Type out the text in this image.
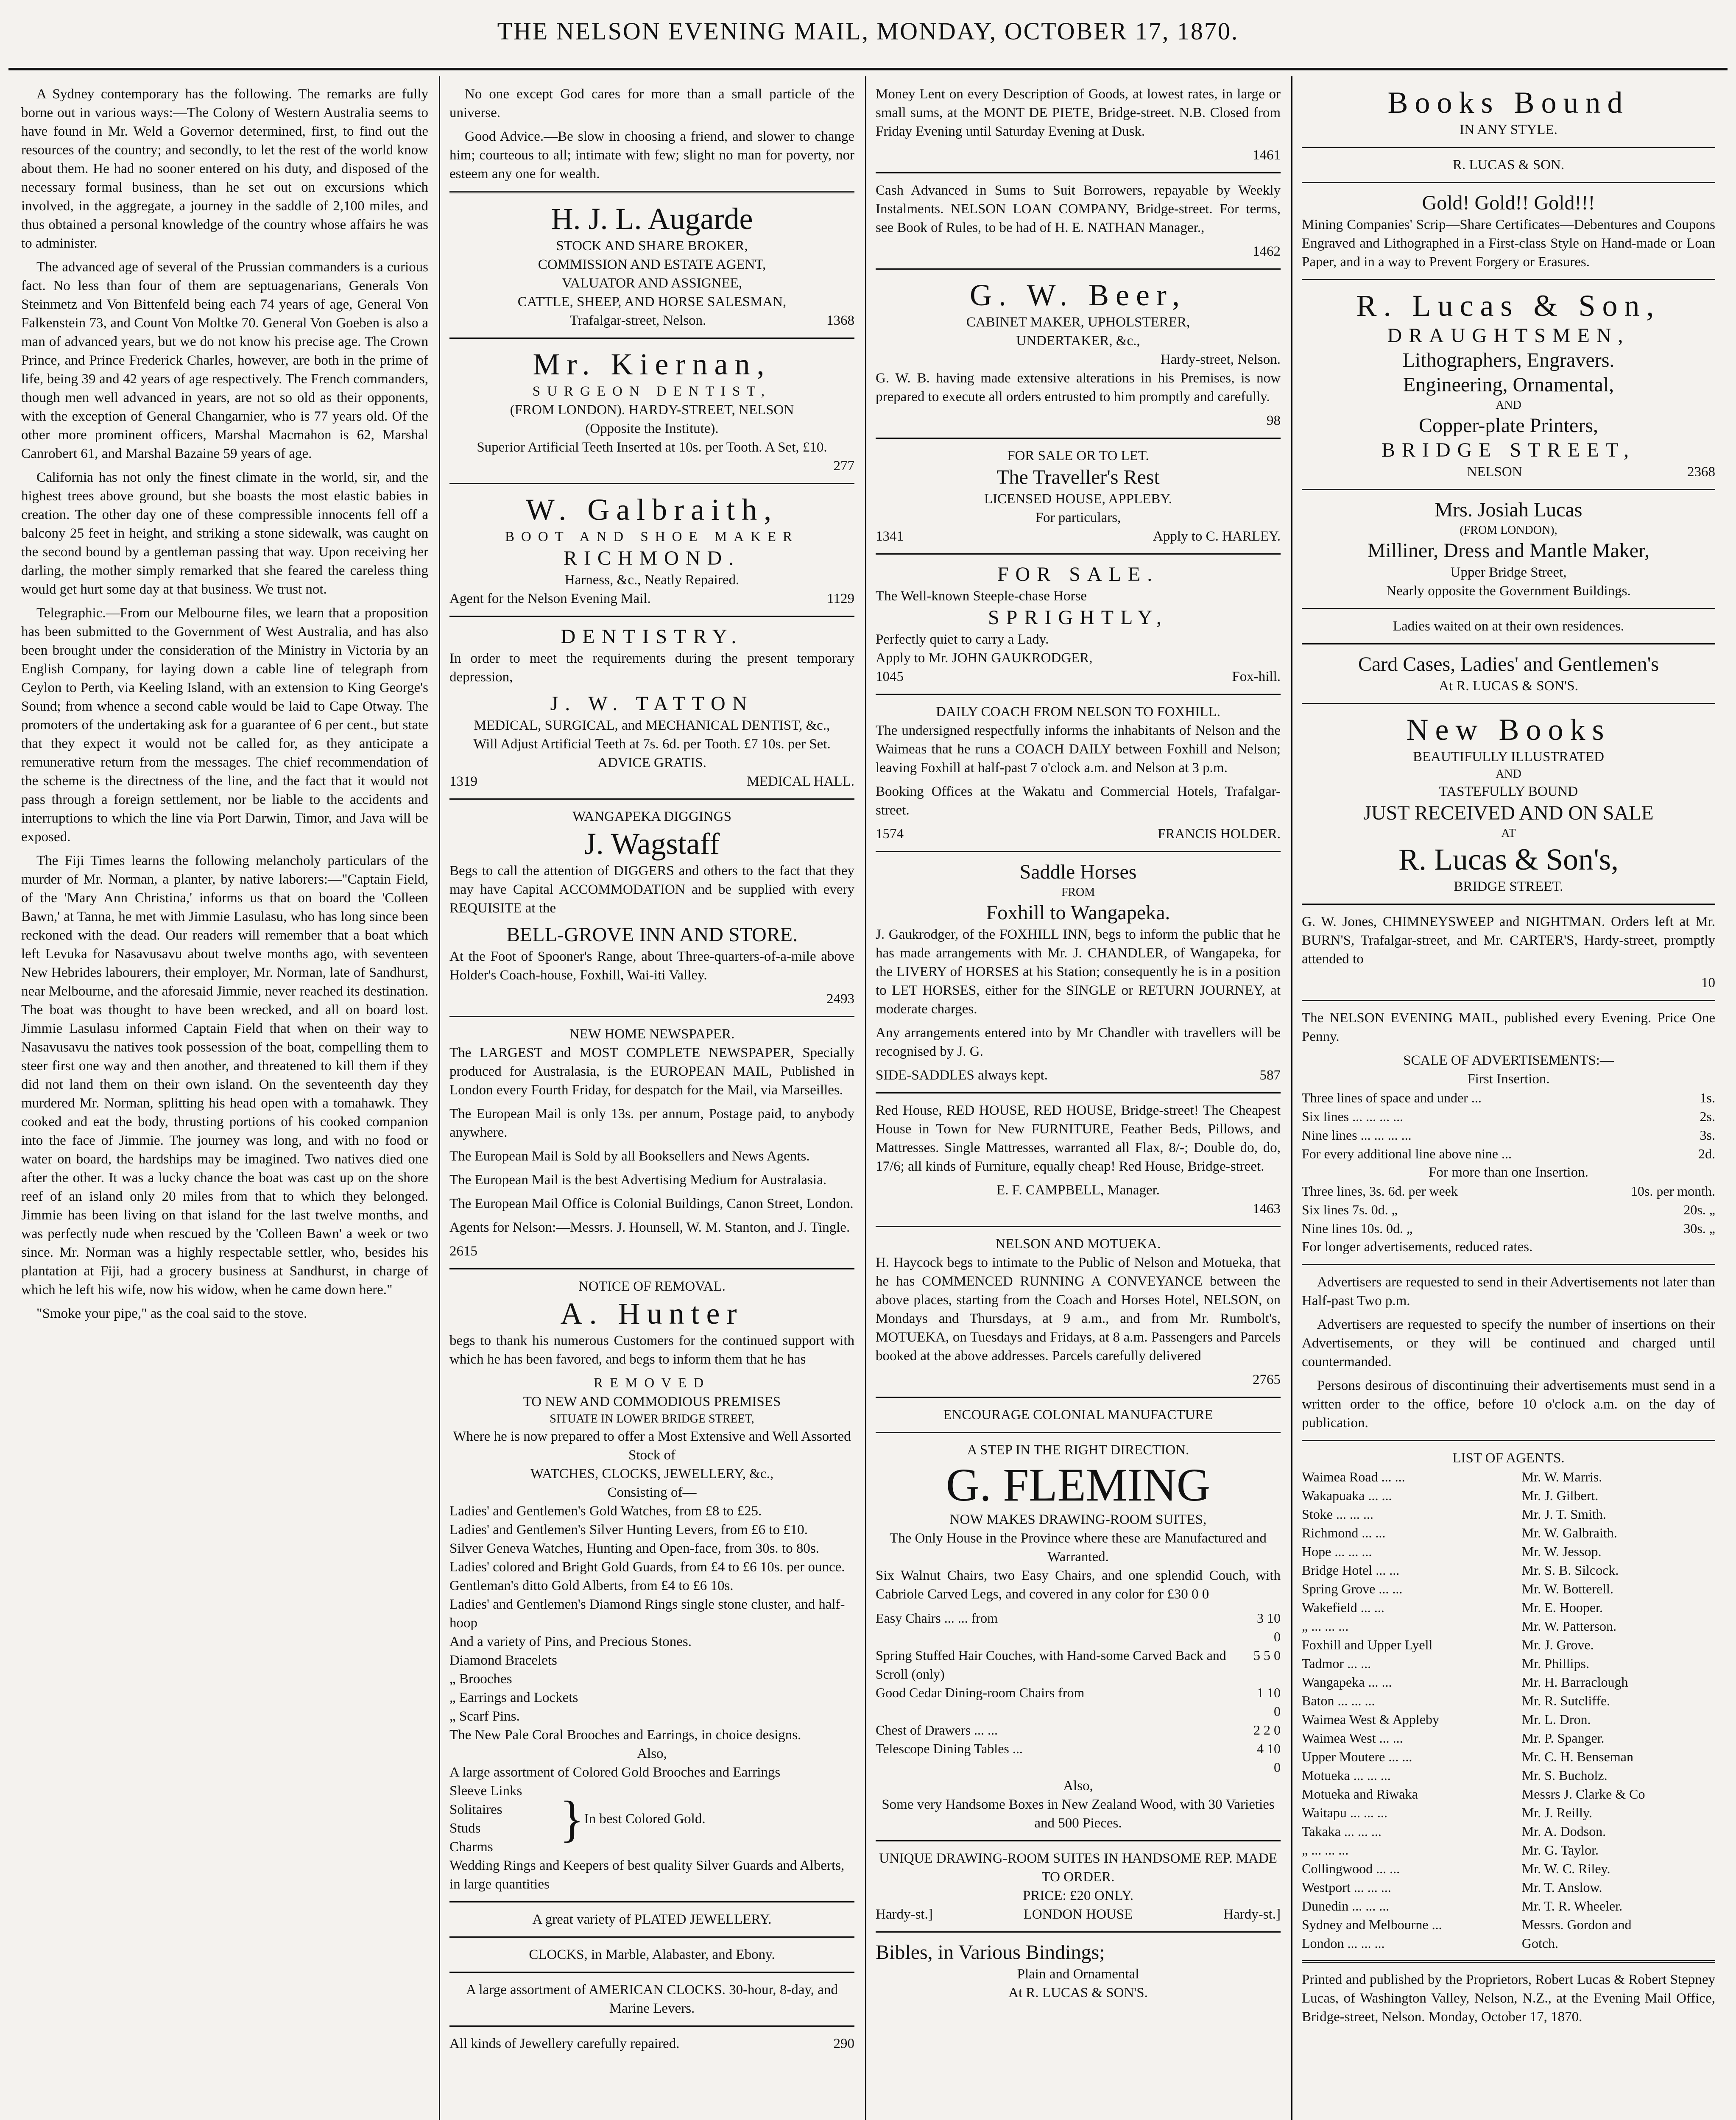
THE NELSON EVENING MAIL, MONDAY, OCTOBER 17, 1870.

A Sydney contemporary has the following. The remarks are fully borne out in various ways:—The Colony of Western Australia seems to have found in Mr. Weld a Governor determined, first, to find out the resources of the country; and secondly, to let the rest of the world know about them. He had no sooner entered on his duty, and disposed of the necessary formal business, than he set out on excursions which involved, in the aggregate, a journey in the saddle of 2,100 miles, and thus obtained a personal knowledge of the country whose affairs he was to administer.

The advanced age of several of the Prussian commanders is a curious fact. No less than four of them are septuagenarians, Generals Von Steinmetz and Von Bittenfeld being each 74 years of age, General Von Falkenstein 73, and Count Von Moltke 70. General Von Goeben is also a man of advanced years, but we do not know his precise age. The Crown Prince, and Prince Frederick Charles, however, are both in the prime of life, being 39 and 42 years of age respectively. The French commanders, though men well advanced in years, are not so old as their opponents, with the exception of General Changarnier, who is 77 years old. Of the other more prominent officers, Marshal Macmahon is 62, Marshal Canrobert 61, and Marshal Bazaine 59 years of age.

California has not only the finest climate in the world, sir, and the highest trees above ground, but she boasts the most elastic babies in creation. The other day one of these compressible innocents fell off a balcony 25 feet in height, and striking a stone sidewalk, was caught on the second bound by a gentleman passing that way. Upon receiving her darling, the mother simply remarked that she feared the careless thing would get hurt some day at that business. We trust not.

Telegraphic.—From our Melbourne files, we learn that a proposition has been submitted to the Government of West Australia, and has also been brought under the consideration of the Ministry in Victoria by an English Company, for laying down a cable line of telegraph from Ceylon to Perth, via Keeling Island, with an extension to King George's Sound; from whence a second cable would be laid to Cape Otway. The promoters of the undertaking ask for a guarantee of 6 per cent., but state that they expect it would not be called for, as they anticipate a remunerative return from the messages. The chief recommendation of the scheme is the directness of the line, and the fact that it would not pass through a foreign settlement, nor be liable to the accidents and interruptions to which the line via Port Darwin, Timor, and Java will be exposed.

The Fiji Times learns the following melancholy particulars of the murder of Mr. Norman, a planter, by native laborers:—"Captain Field, of the 'Mary Ann Christina,' informs us that on board the 'Colleen Bawn,' at Tanna, he met with Jimmie Lasulasu, who has long since been reckoned with the dead. Our readers will remember that a boat which left Levuka for Nasavusavu about twelve months ago, with seventeen New Hebrides labourers, their employer, Mr. Norman, late of Sandhurst, near Melbourne, and the aforesaid Jimmie, never reached its destination. The boat was thought to have been wrecked, and all on board lost. Jimmie Lasulasu informed Captain Field that when on their way to Nasavusavu the natives took possession of the boat, compelling them to steer first one way and then another, and threatened to kill them if they did not land them on their own island. On the seventeenth day they murdered Mr. Norman, splitting his head open with a tomahawk. They cooked and eat the body, thrusting portions of his cooked companion into the face of Jimmie. The journey was long, and with no food or water on board, the hardships may be imagined. Two natives died one after the other. It was a lucky chance the boat was cast up on the shore reef of an island only 20 miles from that to which they belonged. Jimmie has been living on that island for the last twelve months, and was perfectly nude when rescued by the 'Colleen Bawn' a week or two since. Mr. Norman was a highly respectable settler, who, besides his plantation at Fiji, had a grocery business at Sandhurst, in charge of which he left his wife, now his widow, when he came down here."

"Smoke your pipe," as the coal said to the stove.

No one except God cares for more than a small particle of the universe.

Good Advice.—Be slow in choosing a friend, and slower to change him; courteous to all; intimate with few; slight no man for poverty, nor esteem any one for wealth.

H. J. L. Augarde
STOCK AND SHARE BROKER,
COMMISSION AND ESTATE AGENT,
VALUATOR AND ASSIGNEE,
CATTLE, SHEEP, AND HORSE SALESMAN,
Trafalgar-street, Nelson.	1368
Mr. Kiernan,
SURGEON DENTIST,
(FROM LONDON). HARDY-STREET, NELSON
(Opposite the Institute).
Superior Artificial Teeth Inserted at 10s. per Tooth. A Set, £10.
277
W. Galbraith,
BOOT AND SHOE MAKER
RICHMOND.
Harness, &c., Neatly Repaired.
Agent for the Nelson Evening Mail.	1129
DENTISTRY.

In order to meet the requirements during the present temporary depression,

J. W. TATTON
MEDICAL, SURGICAL, and MECHANICAL DENTIST, &c.,
Will Adjust Artificial Teeth at 7s. 6d. per Tooth. £7 10s. per Set.
ADVICE GRATIS.
1319	MEDICAL HALL.
WANGAPEKA DIGGINGS
J. Wagstaff

Begs to call the attention of DIGGERS and others to the fact that they may have Capital ACCOMMODATION and be supplied with every REQUISITE at the

BELL-GROVE INN AND STORE.

At the Foot of Spooner's Range, about Three-quarters-of-a-mile above Holder's Coach-house, Foxhill, Wai-iti Valley.

2493
NEW HOME NEWSPAPER.

The LARGEST and MOST COMPLETE NEWSPAPER, Specially produced for Australasia, is the EUROPEAN MAIL, Published in London every Fourth Friday, for despatch for the Mail, via Marseilles.

The European Mail is only 13s. per annum, Postage paid, to anybody anywhere.

The European Mail is Sold by all Booksellers and News Agents.

The European Mail is the best Advertising Medium for Australasia.

The European Mail Office is Colonial Buildings, Canon Street, London.

Agents for Nelson:—Messrs. J. Hounsell, W. M. Stanton, and J. Tingle.

2615
NOTICE OF REMOVAL.
A. Hunter

begs to thank his numerous Customers for the continued support with which he has been favored, and begs to inform them that he has

REMOVED
TO NEW AND COMMODIOUS PREMISES
SITUATE IN LOWER BRIDGE STREET,
Where he is now prepared to offer a Most Extensive and Well Assorted Stock of
WATCHES, CLOCKS, JEWELLERY, &c.,
Consisting of—
Ladies' and Gentlemen's Gold Watches, from £8 to £25.
Ladies' and Gentlemen's Silver Hunting Levers, from £6 to £10.
Silver Geneva Watches, Hunting and Open-face, from 30s. to 80s.
Ladies' colored and Bright Gold Guards, from £4 to £6 10s. per ounce.
Gentleman's ditto Gold Alberts, from £4 to £6 10s.
Ladies' and Gentlemen's Diamond Rings single stone cluster, and half-hoop
And a variety of Pins, and Precious Stones.
Diamond Bracelets
„ Brooches
„ Earrings and Lockets
„ Scarf Pins.
The New Pale Coral Brooches and Earrings, in choice designs.
Also,
A large assortment of Colored Gold Brooches and Earrings
Sleeve Links
Solitaires
Studs
Charms	} In best Colored Gold.
Wedding Rings and Keepers of best quality Silver Guards and Alberts, in large quantities
A great variety of PLATED JEWELLERY.
CLOCKS, in Marble, Alabaster, and Ebony.
A large assortment of AMERICAN CLOCKS. 30-hour, 8-day, and Marine Levers.
All kinds of Jewellery carefully repaired.	290

Money Lent on every Description of Goods, at lowest rates, in large or small sums, at the MONT DE PIETE, Bridge-street. N.B. Closed from Friday Evening until Saturday Evening at Dusk.

1461

Cash Advanced in Sums to Suit Borrowers, repayable by Weekly Instalments. NELSON LOAN COMPANY, Bridge-street. For terms, see Book of Rules, to be had of H. E. NATHAN Manager.,

1462
G. W. Beer,
CABINET MAKER, UPHOLSTERER,
UNDERTAKER, &c.,
Hardy-street, Nelson.

G. W. B. having made extensive alterations in his Premises, is now prepared to execute all orders entrusted to him promptly and carefully.

98
FOR SALE OR TO LET.
The Traveller's Rest
LICENSED HOUSE, APPLEBY.
For particulars,
1341	Apply to C. HARLEY.
FOR SALE.
The Well-known Steeple-chase Horse
SPRIGHTLY,
Perfectly quiet to carry a Lady.
Apply to Mr. JOHN GAUKRODGER,
1045	Fox-hill.
DAILY COACH FROM NELSON TO FOXHILL.

The undersigned respectfully informs the inhabitants of Nelson and the Waimeas that he runs a COACH DAILY between Foxhill and Nelson; leaving Foxhill at half-past 7 o'clock a.m. and Nelson at 3 p.m.

Booking Offices at the Wakatu and Commercial Hotels, Trafalgar-street.

1574	FRANCIS HOLDER.
Saddle Horses
FROM
Foxhill to Wangapeka.

J. Gaukrodger, of the FOXHILL INN, begs to inform the public that he has made arrangements with Mr. J. CHANDLER, of Wangapeka, for the LIVERY of HORSES at his Station; consequently he is in a position to LET HORSES, either for the SINGLE or RETURN JOURNEY, at moderate charges.

Any arrangements entered into by Mr Chandler with travellers will be recognised by J. G.

SIDE-SADDLES always kept.	587

Red House, RED HOUSE, RED HOUSE, Bridge-street! The Cheapest House in Town for New FURNITURE, Feather Beds, Pillows, and Mattresses. Single Mattresses, warranted all Flax, 8/-; Double do, do, 17/6; all kinds of Furniture, equally cheap! Red House, Bridge-street.

E. F. CAMPBELL, Manager.
1463
NELSON AND MOTUEKA.

H. Haycock begs to intimate to the Public of Nelson and Motueka, that he has COMMENCED RUNNING A CONVEYANCE between the above places, starting from the Coach and Horses Hotel, NELSON, on Mondays and Thursdays, at 9 a.m., and from Mr. Rumbolt's, MOTUEKA, on Tuesdays and Fridays, at 8 a.m. Passengers and Parcels booked at the above addresses. Parcels carefully delivered

2765
ENCOURAGE COLONIAL MANUFACTURE
A STEP IN THE RIGHT DIRECTION.
G. FLEMING
NOW MAKES DRAWING-ROOM SUITES,
The Only House in the Province where these are Manufactured and Warranted.

Six Walnut Chairs, two Easy Chairs, and one splendid Couch, with Cabriole Carved Legs, and covered in any color for £30 0 0

Easy Chairs ... ... from	3 10 0
Spring Stuffed Hair Couches, with Hand-some Carved Back and Scroll (only)	5 5 0
Good Cedar Dining-room Chairs from	1 10 0
Chest of Drawers ... ...	2 2 0
Telescope Dining Tables ...	4 10 0
Also,
Some very Handsome Boxes in New Zealand Wood, with 30 Varieties and 500 Pieces.
UNIQUE DRAWING-ROOM SUITES IN HANDSOME REP. MADE TO ORDER.
PRICE: £20 ONLY.
Hardy-st.]	LONDON HOUSE	Hardy-st.]
Bibles, in Various Bindings;
Plain and Ornamental
At R. LUCAS & SON'S.
Books Bound
IN ANY STYLE.
R. LUCAS & SON.
Gold! Gold!! Gold!!!

Mining Companies' Scrip—Share Certificates—Debentures and Coupons Engraved and Lithographed in a First-class Style on Hand-made or Loan Paper, and in a way to Prevent Forgery or Erasures.

R. Lucas & Son,
DRAUGHTSMEN,
Lithographers, Engravers.
Engineering, Ornamental,
AND
Copper-plate Printers,
BRIDGE STREET,
NELSON	2368
Mrs. Josiah Lucas
(FROM LONDON),
Milliner, Dress and Mantle Maker,
Upper Bridge Street,
Nearly opposite the Government Buildings.
Ladies waited on at their own residences.
Card Cases, Ladies' and Gentlemen's
At R. LUCAS & SON'S.
New Books
BEAUTIFULLY ILLUSTRATED
AND
TASTEFULLY BOUND
JUST RECEIVED AND ON SALE
AT
R. Lucas & Son's,
BRIDGE STREET.

G. W. Jones, CHIMNEYSWEEP and NIGHTMAN. Orders left at Mr. BURN'S, Trafalgar-street, and Mr. CARTER'S, Hardy-street, promptly attended to

10

The NELSON EVENING MAIL, published every Evening. Price One Penny.

SCALE OF ADVERTISEMENTS:—
First Insertion.
Three lines of space and under ...	1s.
Six lines ... ... ... ...	2s.
Nine lines ... ... ... ...	3s.
For every additional line above nine ...	2d.
For more than one Insertion.
Three lines, 3s. 6d. per week	10s. per month.
Six lines 7s. 0d. „	20s. „
Nine lines 10s. 0d. „	30s. „
For longer advertisements, reduced rates.

Advertisers are requested to send in their Advertisements not later than Half-past Two p.m.

Advertisers are requested to specify the number of insertions on their Advertisements, or they will be continued and charged until countermanded.

Persons desirous of discontinuing their advertisements must send in a written order to the office, before 10 o'clock a.m. on the day of publication.

LIST OF AGENTS.
Waimea Road ... ...	Mr. W. Marris.
Wakapuaka ... ...	Mr. J. Gilbert.
Stoke ... ... ...	Mr. J. T. Smith.
Richmond ... ...	Mr. W. Galbraith.
Hope ... ... ...	Mr. W. Jessop.
Bridge Hotel ... ...	Mr. S. B. Silcock.
Spring Grove ... ...	Mr. W. Botterell.
Wakefield ... ...	Mr. E. Hooper.
„ ... ... ...	Mr. W. Patterson.
Foxhill and Upper Lyell	Mr. J. Grove.
Tadmor ... ...	Mr. Phillips.
Wangapeka ... ...	Mr. H. Barraclough
Baton ... ... ...	Mr. R. Sutcliffe.
Waimea West & Appleby	Mr. L. Dron.
Waimea West ... ...	Mr. P. Spanger.
Upper Moutere ... ...	Mr. C. H. Benseman
Motueka ... ... ...	Mr. S. Bucholz.
Motueka and Riwaka	Messrs J. Clarke & Co
Waitapu ... ... ...	Mr. J. Reilly.
Takaka ... ... ...	Mr. A. Dodson.
„ ... ... ...	Mr. G. Taylor.
Collingwood ... ...	Mr. W. C. Riley.
Westport ... ... ...	Mr. T. Anslow.
Dunedin ... ... ...	Mr. T. R. Wheeler.
Sydney and Melbourne ...	Messrs. Gordon and
London ... ... ...	Gotch.

Printed and published by the Proprietors, Robert Lucas & Robert Stepney Lucas, of Washington Valley, Nelson, N.Z., at the Evening Mail Office, Bridge-street, Nelson. Monday, October 17, 1870.
